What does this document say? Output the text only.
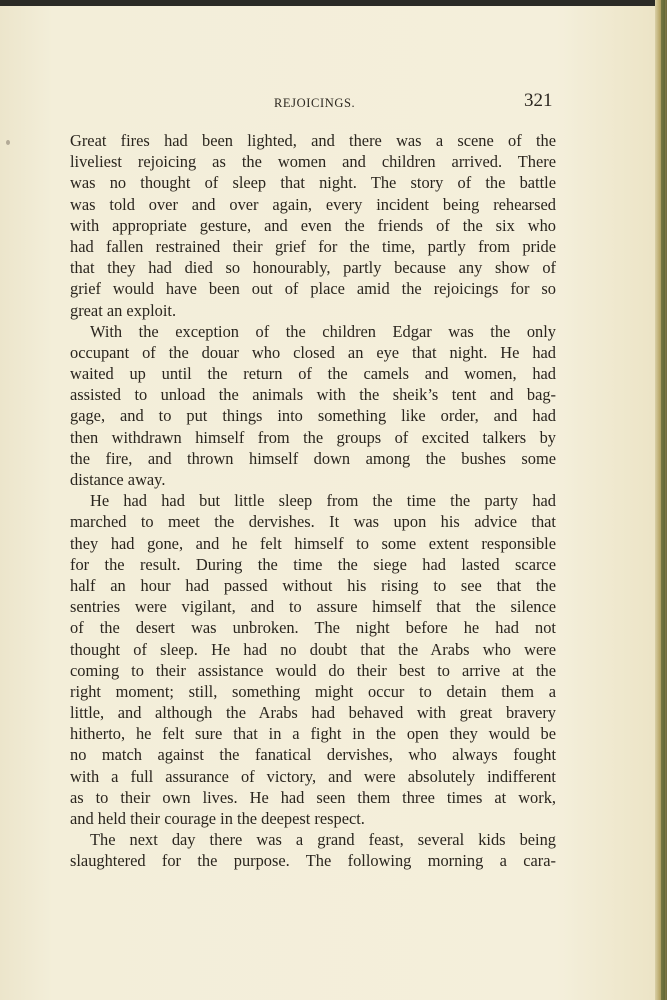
REJOICINGS.	321
Great fires had been lighted, and there was a scene of the
liveliest rejoicing as the women and children arrived. There
was no thought of sleep that night. The story of the battle
was told over and over again, every incident being rehearsed
with appropriate gesture, and even the friends of the six who
had fallen restrained their grief for the time, partly from pride
that they had died so honourably, partly because any show of
grief would have been out of place amid the rejoicings for so
great an exploit.
With the exception of the children Edgar was the only
occupant of the douar who closed an eye that night. He had
waited up until the return of the camels and women, had
assisted to unload the animals with the sheik’s tent and bag-
gage, and to put things into something like order, and had
then withdrawn himself from the groups of excited talkers by
the fire, and thrown himself down among the bushes some
distance away.
He had had but little sleep from the time the party had
marched to meet the dervishes. It was upon his advice that
they had gone, and he felt himself to some extent responsible
for the result. During the time the siege had lasted scarce
half an hour had passed without his rising to see that the
sentries were vigilant, and to assure himself that the silence
of the desert was unbroken. The night before he had not
thought of sleep. He had no doubt that the Arabs who were
coming to their assistance would do their best to arrive at the
right moment; still, something might occur to detain them a
little, and although the Arabs had behaved with great bravery
hitherto, he felt sure that in a fight in the open they would be
no match against the fanatical dervishes, who always fought
with a full assurance of victory, and were absolutely indifferent
as to their own lives. He had seen them three times at work,
and held their courage in the deepest respect.
The next day there was a grand feast, several kids being
slaughtered for the purpose. The following morning a cara-
